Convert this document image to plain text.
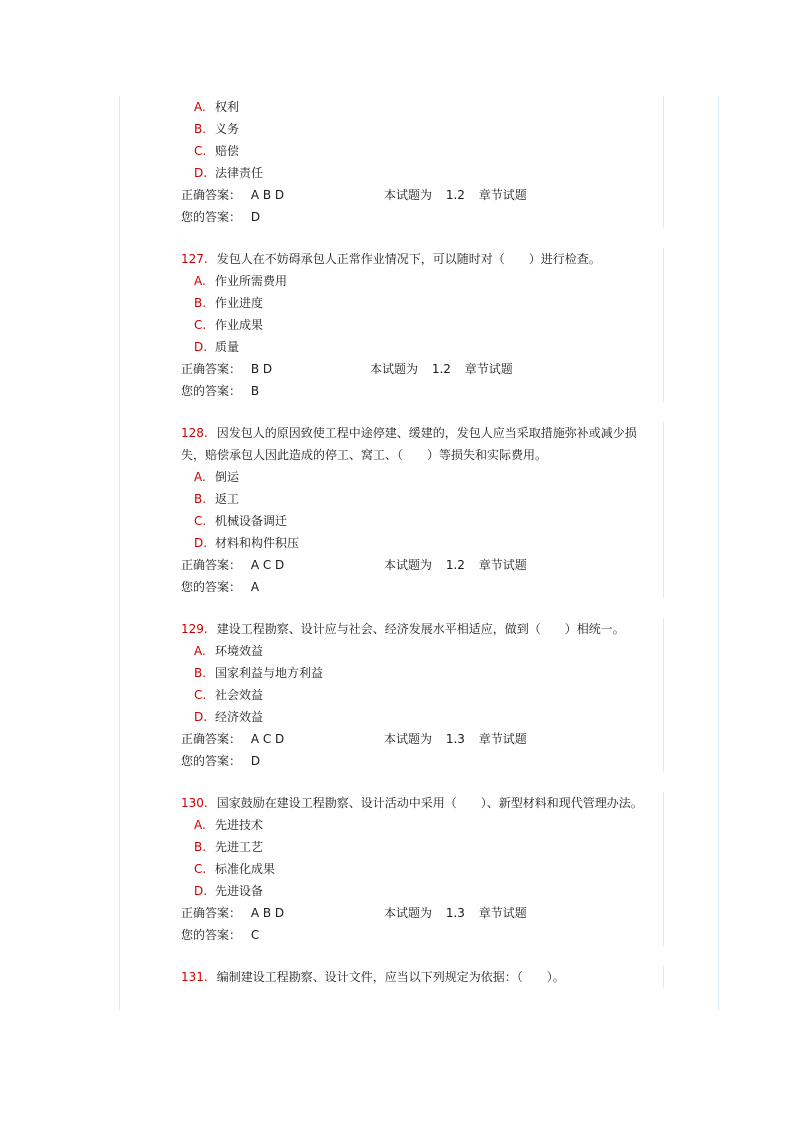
A. 权利
B. 义务
C. 赔偿
D. 法律责任
正确答案： A B D	本试题为 1.2 章节试题
您的答案： D

127. 发包人在不妨碍承包人正常作业情况下，可以随时对（　　）进行检查。

A. 作业所需费用
B. 作业进度
C. 作业成果
D. 质量
正确答案： B D	本试题为 1.2 章节试题
您的答案： B

128. 因发包人的原因致使工程中途停建、缓建的，发包人应当采取措施弥补或减少损失，赔偿承包人因此造成的停工、窝工、（　　）等损失和实际费用。

A. 倒运
B. 返工
C. 机械设备调迁
D. 材料和构件积压
正确答案： A C D	本试题为 1.2 章节试题
您的答案： A

129. 建设工程勘察、设计应与社会、经济发展水平相适应，做到（　　）相统一。

A. 环境效益
B. 国家利益与地方利益
C. 社会效益
D. 经济效益
正确答案： A C D	本试题为 1.3 章节试题
您的答案： D

130. 国家鼓励在建设工程勘察、设计活动中采用（　　）、新型材料和现代管理办法。

A. 先进技术
B. 先进工艺
C. 标准化成果
D. 先进设备
正确答案： A B D	本试题为 1.3 章节试题
您的答案： C

131. 编制建设工程勘察、设计文件，应当以下列规定为依据：（　　）。
